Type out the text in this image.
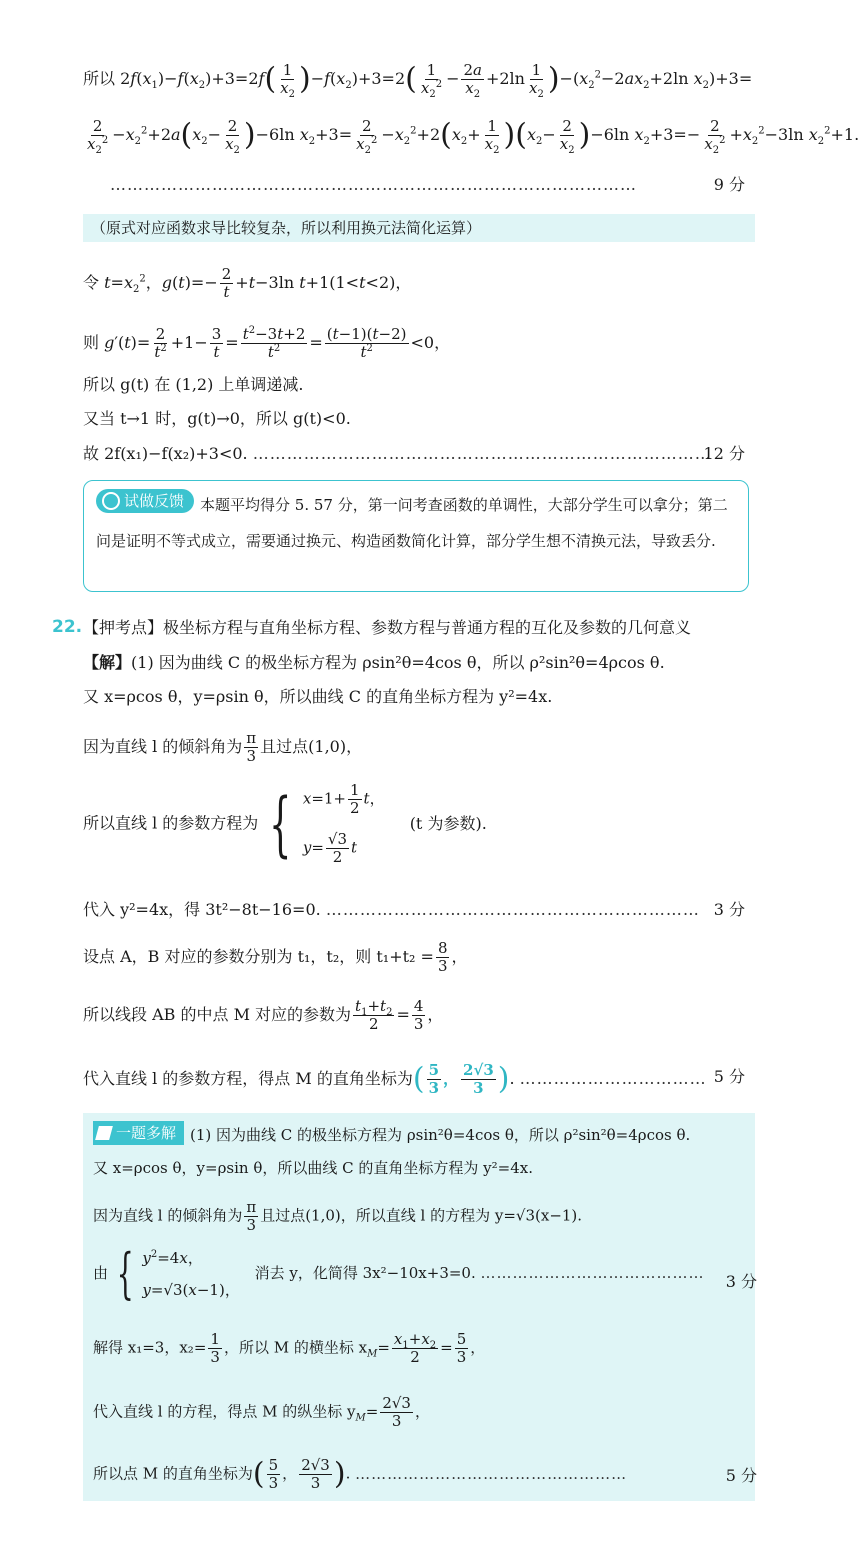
所以 $2f(x_1)-f(x_2)+3=2f( \frac{1}{x_2} )-f(x_2)+3=2( \frac{1}{x_2^2} - \frac{2a}{x_2} +2\ln \frac{1}{x_2} )-(x_2^2-2ax_2+2\ln$ $x_2)+3=$
$\frac{2}{x_2^2} -x_2^2+2a(x_2- \frac{2}{x_2} )-6\ln$ $x_2+3= \frac{2}{x_2^2} -x_2^2+2(x_2+ \frac{1}{x_2} )(x_2- \frac{2}{x_2} )-6\ln$ $x_2+3=- \frac{2}{x_2^2} +x_2^2-3\ln$ $x_2^2+1$.
…………………………………………………………………………………	9 分
（原式对应函数求导比较复杂，所以利用换元法简化运算）
令 $t=x_2^2$，$g(t)=- \frac{2}{t} +t-3\ln$ t+1(1<t<2)，
则 $g'(t)= \frac{2}{t^2} +1- \frac{3}{t} = \frac{t^2-3t+2}{t^2} = \frac{(t-1)(t-2)}{t^2} <0$，
所以 g(t) 在 (1,2) 上单调递减.
又当 t→1 时，g(t)→0，所以 g(t)<0.
故 2f(x₁)−f(x₂)+3<0. ………………………………………………………………………
12 分
试做反馈 本题平均得分 5. 57 分，第一问考查函数的单调性，大部分学生可以拿分；第二问是证明不等式成立，需要通过换元、构造函数简化计算，部分学生想不清换元法，导致丢分.
22. 【押考点】极坐标方程与直角坐标方程、参数方程与普通方程的互化及参数的几何意义
【解】(1) 因为曲线 C 的极坐标方程为 ρsin²θ=4cos θ，所以 ρ²sin²θ=4ρcos θ.
又 x=ρcos θ，y=ρsin θ，所以曲线 C 的直角坐标方程为 y²=4x.
因为直线 l 的倾斜角为 $\frac{\pi}{3}$ 且过点(1,0)，
所以直线 l 的参数方程为 { $x=1+ \frac{1}{2}$ t，
$y= \frac{√3}{2}$ t
(t 为参数).
代入 y²=4x，得 3t²−8t−16=0. ………………………………………………………… 3 分
设点 A，B 对应的参数分别为 t₁，t₂，则 $t_1+t_2 = \frac{8}{3}$ ，
所以线段 AB 的中点 M 对应的参数为 $\frac{t_1+t_2}{2} = \frac{4}{3}$ ，
代入直线 l 的参数方程，得点 M 的直角坐标为( $\frac{5}{3}$ ， $\frac{2√3}{3}$ ). …………………………… 5 分
一题多解 (1) 因为曲线 C 的极坐标方程为 ρsin²θ=4cos θ，所以 ρ²sin²θ=4ρcos θ.
又 x=ρcos θ，y=ρsin θ，所以曲线 C 的直角坐标方程为 y²=4x.
因为直线 l 的倾斜角为 $\frac{\pi}{3}$ 且过点(1,0)，所以直线 l 的方程为 y=√3(x−1).
由 { $y^2=4x$，
y=√3(x−1)，
消去 y，化简得 3x²−10x+3=0. …………………………………… 3 分
解得 x₁=3，$x_2= \frac{1}{3}$ ，所以 M 的横坐标 $x_M= \frac{x_1+x_2}{2} = \frac{5}{3}$ ，
代入直线 l 的方程，得点 M 的纵坐标 $y_M= \frac{2√3}{3}$ ，
所以点 M 的直角坐标为( $\frac{5}{3}$ ， $\frac{2√3}{3}$ ). ……………………………………………	5 分
